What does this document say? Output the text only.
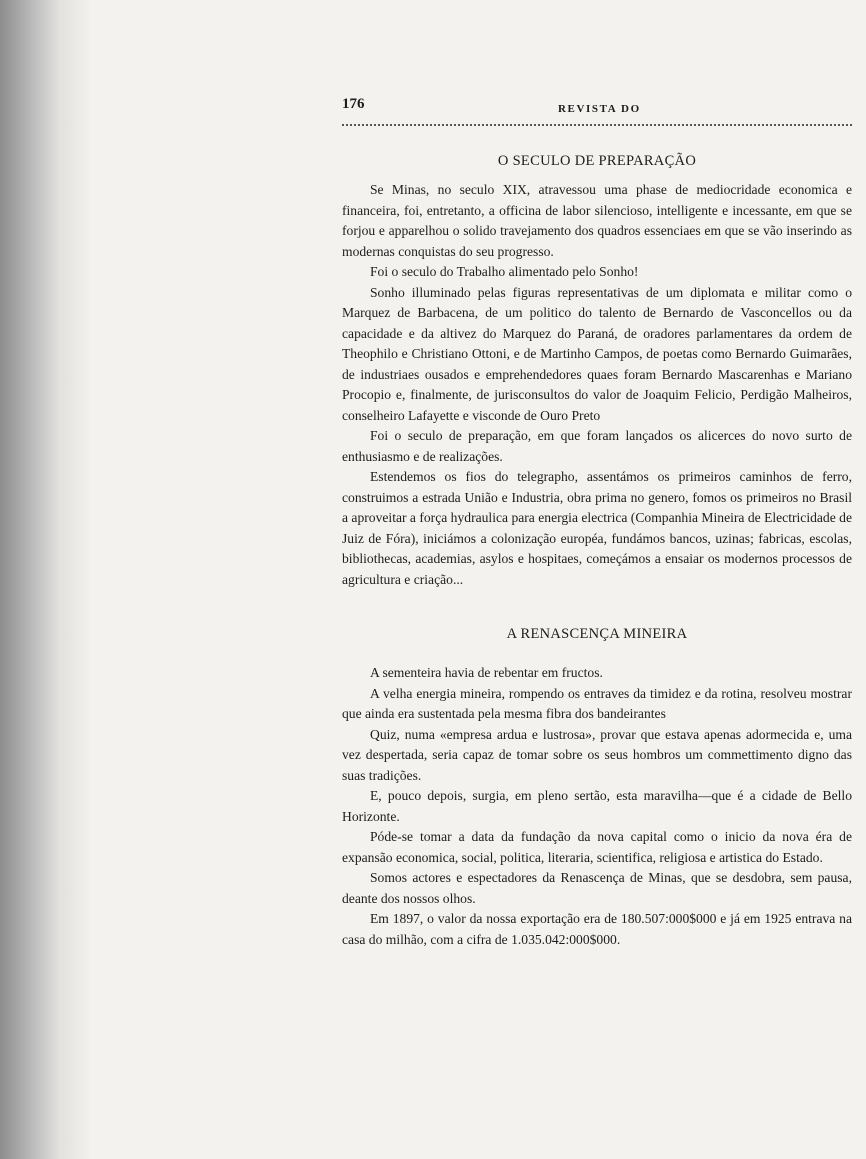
176	REVISTA DO
O SECULO DE PREPARAÇÃO

Se Minas, no seculo XIX, atravessou uma phase de mediocridade economica e financeira, foi, entretanto, a officina de labor silencioso, intelligente e incessante, em que se forjou e apparelhou o solido travejamento dos quadros essenciaes em que se vão inserindo as modernas conquistas do seu progresso.

Foi o seculo do Trabalho alimentado pelo Sonho!

Sonho illuminado pelas figuras representativas de um diplomata e militar como o Marquez de Barbacena, de um politico do talento de Bernardo de Vasconcellos ou da capacidade e da altivez do Marquez do Paraná, de oradores parlamentares da ordem de Theophilo e Christiano Ottoni, e de Martinho Campos, de poetas como Bernardo Guimarães, de industriaes ousados e emprehendedores quaes foram Bernardo Mascarenhas e Mariano Procopio e, finalmente, de jurisconsultos do valor de Joaquim Felicio, Perdigão Malheiros, conselheiro Lafayette e visconde de Ouro Preto

Foi o seculo de preparação, em que foram lançados os alicerces do novo surto de enthusiasmo e de realizações.

Estendemos os fios do telegrapho, assentámos os primeiros caminhos de ferro, construimos a estrada União e Industria, obra prima no genero, fomos os primeiros no Brasil a aproveitar a força hydraulica para energia electrica (Companhia Mineira de Electricidade de Juiz de Fóra), iniciámos a colonização européa, fundámos bancos, uzinas; fabricas, escolas, bibliothecas, academias, asylos e hospitaes, começámos a ensaiar os modernos processos de agricultura e criação...

A RENASCENÇA MINEIRA

A sementeira havia de rebentar em fructos.

A velha energia mineira, rompendo os entraves da timidez e da rotina, resolveu mostrar que ainda era sustentada pela mesma fibra dos bandeirantes

Quiz, numa «empresa ardua e lustrosa», provar que estava apenas adormecida e, uma vez despertada, seria capaz de tomar sobre os seus hombros um commettimento digno das suas tradições.

E, pouco depois, surgia, em pleno sertão, esta maravilha—que é a cidade de Bello Horizonte.

Póde-se tomar a data da fundação da nova capital como o inicio da nova éra de expansão economica, social, politica, literaria, scientifica, religiosa e artistica do Estado.

Somos actores e espectadores da Renascença de Minas, que se desdobra, sem pausa, deante dos nossos olhos.

Em 1897, o valor da nossa exportação era de 180.507:000$000 e já em 1925 entrava na casa do milhão, com a cifra de 1.035.042:000$000.
